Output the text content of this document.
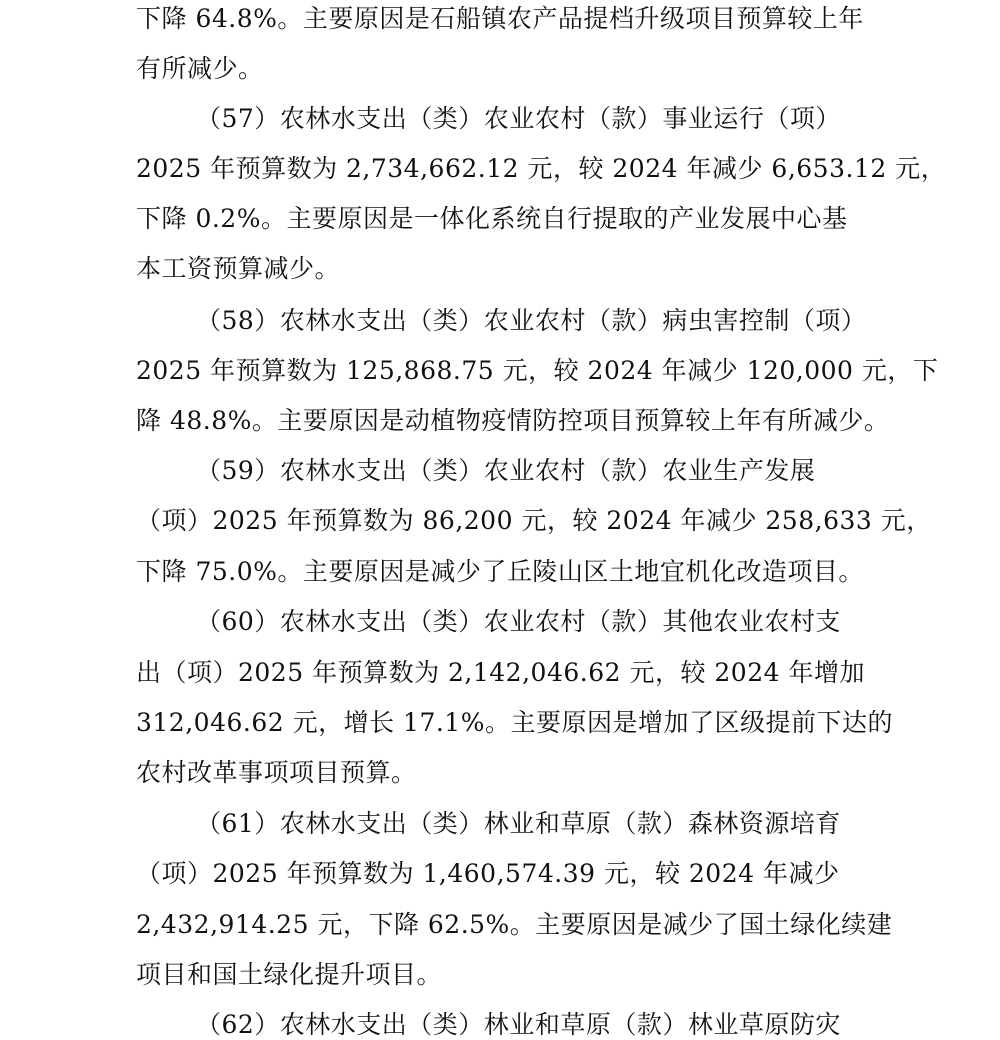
下降 64.8%。主要原因是石船镇农产品提档升级项目预算较上年
有所减少。
（57）农林水支出（类）农业农村（款）事业运行（项）
2025 年预算数为 2,734,662.12 元，较 2024 年减少 6,653.12 元，
下降 0.2%。主要原因是一体化系统自行提取的产业发展中心基
本工资预算减少。
（58）农林水支出（类）农业农村（款）病虫害控制（项）
2025 年预算数为 125,868.75 元，较 2024 年减少 120,000 元，下
降 48.8%。主要原因是动植物疫情防控项目预算较上年有所减少。
（59）农林水支出（类）农业农村（款）农业生产发展
（项）2025 年预算数为 86,200 元，较 2024 年减少 258,633 元，
下降 75.0%。主要原因是减少了丘陵山区土地宜机化改造项目。
（60）农林水支出（类）农业农村（款）其他农业农村支
出（项）2025 年预算数为 2,142,046.62 元，较 2024 年增加
312,046.62 元，增长 17.1%。主要原因是增加了区级提前下达的
农村改革事项项目预算。
（61）农林水支出（类）林业和草原（款）森林资源培育
（项）2025 年预算数为 1,460,574.39 元，较 2024 年减少
2,432,914.25 元，下降 62.5%。主要原因是减少了国土绿化续建
项目和国土绿化提升项目。
（62）农林水支出（类）林业和草原（款）林业草原防灾
